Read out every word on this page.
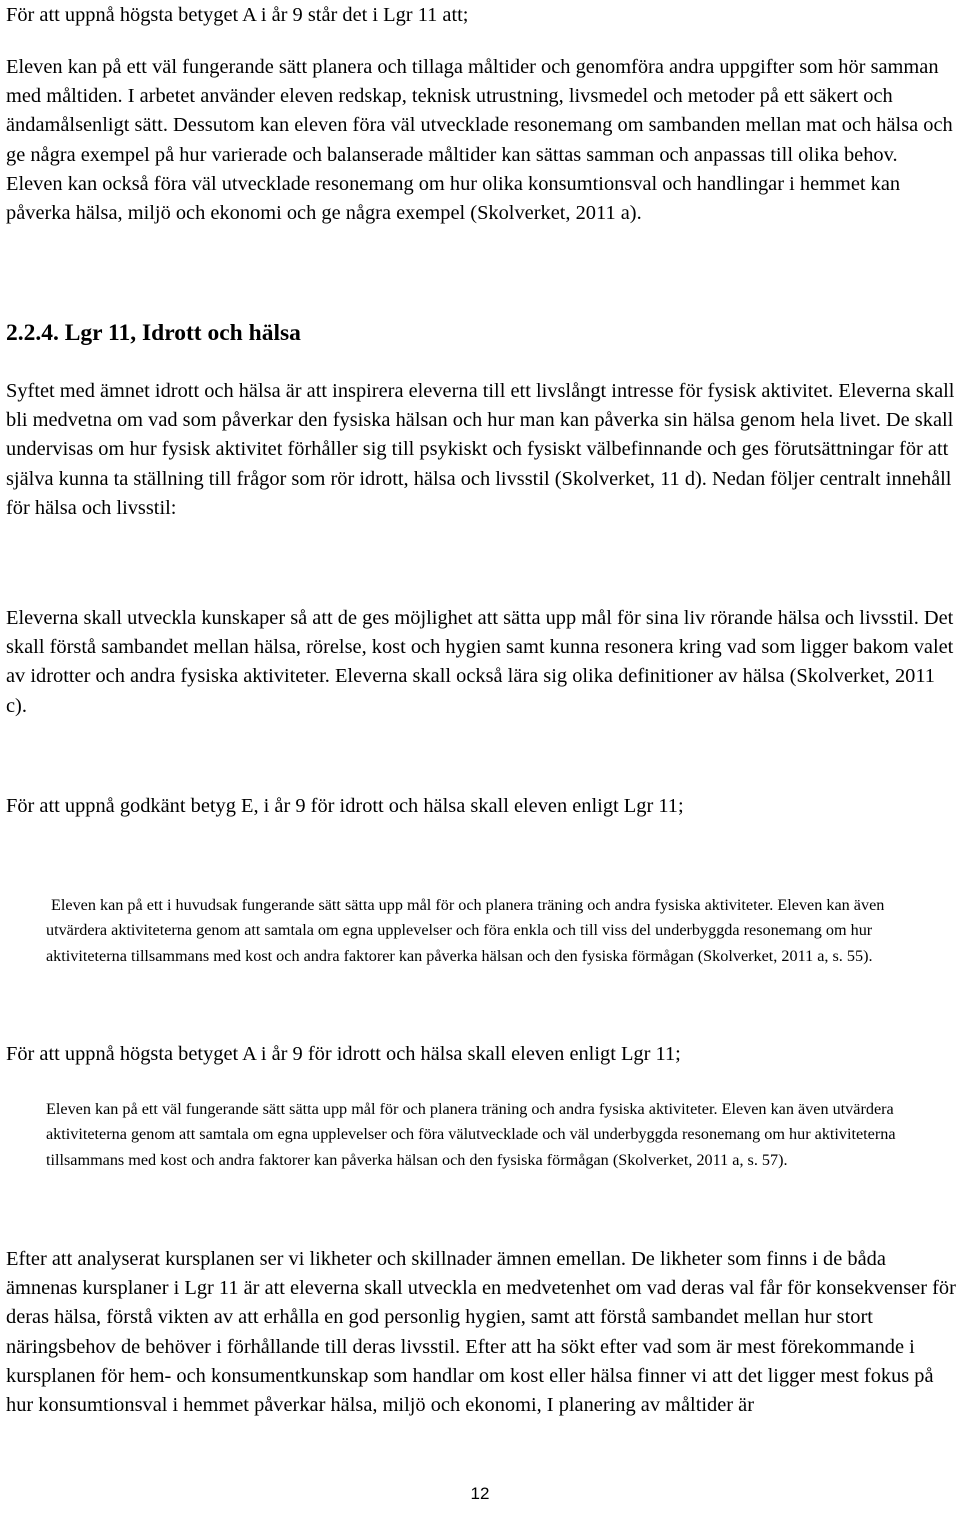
För att uppnå högsta betyget A i år 9 står det i Lgr 11 att;

Eleven kan på ett väl fungerande sätt planera och tillaga måltider och genomföra andra uppgifter som hör samman med måltiden. I arbetet använder eleven redskap, teknisk utrustning, livsmedel och metoder på ett säkert och ändamålsenligt sätt. Dessutom kan eleven föra väl utvecklade resonemang om sambanden mellan mat och hälsa och ge några exempel på hur varierade och balanserade måltider kan sättas samman och anpassas till olika behov. Eleven kan också föra väl utvecklade resonemang om hur olika konsumtionsval och handlingar i hemmet kan påverka hälsa, miljö och ekonomi och ge några exempel (Skolverket, 2011 a).

2.2.4. Lgr 11, Idrott och hälsa

Syftet med ämnet idrott och hälsa är att inspirera eleverna till ett livslångt intresse för fysisk aktivitet. Eleverna skall bli medvetna om vad som påverkar den fysiska hälsan och hur man kan påverka sin hälsa genom hela livet. De skall undervisas om hur fysisk aktivitet förhåller sig till psykiskt och fysiskt välbefinnande och ges förutsättningar för att själva kunna ta ställning till frågor som rör idrott, hälsa och livsstil (Skolverket, 11 d). Nedan följer centralt innehåll för hälsa och livsstil:

Eleverna skall utveckla kunskaper så att de ges möjlighet att sätta upp mål för sina liv rörande hälsa och livsstil. Det skall förstå sambandet mellan hälsa, rörelse, kost och hygien samt kunna resonera kring vad som ligger bakom valet av idrotter och andra fysiska aktiviteter. Eleverna skall också lära sig olika definitioner av hälsa (Skolverket, 2011 c).

För att uppnå godkänt betyg E, i år 9 för idrott och hälsa skall eleven enligt Lgr 11;

Eleven kan på ett i huvudsak fungerande sätt sätta upp mål för och planera träning och andra fysiska aktiviteter. Eleven kan även utvärdera aktiviteterna genom att samtala om egna upplevelser och föra enkla och till viss del underbyggda resonemang om hur aktiviteterna tillsammans med kost och andra faktorer kan påverka hälsan och den fysiska förmågan (Skolverket, 2011 a, s. 55).

För att uppnå högsta betyget A i år 9 för idrott och hälsa skall eleven enligt Lgr 11;

Eleven kan på ett väl fungerande sätt sätta upp mål för och planera träning och andra fysiska aktiviteter. Eleven kan även utvärdera aktiviteterna genom att samtala om egna upplevelser och föra välutvecklade och väl underbyggda resonemang om hur aktiviteterna tillsammans med kost och andra faktorer kan påverka hälsan och den fysiska förmågan (Skolverket, 2011 a, s. 57).

Efter att analyserat kursplanen ser vi likheter och skillnader ämnen emellan. De likheter som finns i de båda ämnenas kursplaner i Lgr 11 är att eleverna skall utveckla en medvetenhet om vad deras val får för konsekvenser för deras hälsa, förstå vikten av att erhålla en god personlig hygien, samt att förstå sambandet mellan hur stort näringsbehov de behöver i förhållande till deras livsstil. Efter att ha sökt efter vad som är mest förekommande i kursplanen för hem- och konsumentkunskap som handlar om kost eller hälsa finner vi att det ligger mest fokus på hur konsumtionsval i hemmet påverkar hälsa, miljö och ekonomi, I planering av måltider är

12
